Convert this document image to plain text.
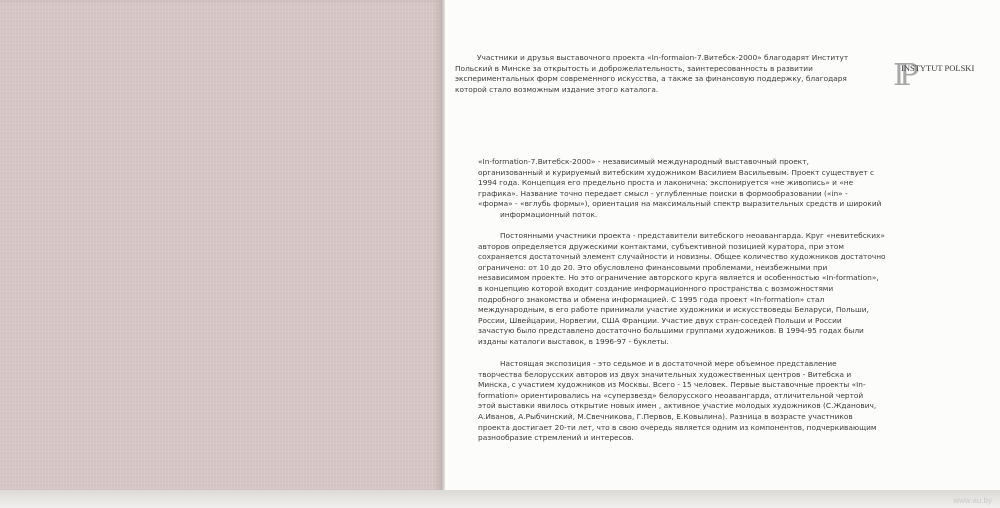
IP
INSTYTUT POLSKI
Участники и друзья выставочного проекта «In-formaion-7.Витебск-2000» благодарят Институт
Польский в Минске за открытость и доброжелательность, заинтересованность в развитии
экспериментальных форм современного искусства, а также за финансовую поддержку, благодаря
которой стало возможным издание этого каталога.
«In-formation-7.Витебск-2000» - независимый международный выставочный проект,
организованный и курируемый витебским художником Василием Васильевым. Проект существует с
1994 года. Концепция его предельно проста и лаконична: экспонируется «не живопись» и «не
графика». Название точно передает смысл - углубленные поиски в формообразовании («in» -
«форма» - «вглубь формы»), ориентация на максимальный спектр выразительных средств и широкий
информационный поток.
Постоянными участники проекта - представители витебского неоавангарда. Круг «невитебских»
авторов определяется дружескими контактами, субъективной позицией куратора, при этом
сохраняется достаточный элемент случайности и новизны. Общее количество художников достаточно
ограничено: от 10 до 20. Это обусловлено финансовыми проблемами, неизбежными при
независимом проекте. Но это ограничение авторского круга является и особенностью «In-formation»,
в концепцию которой входит создание информационного пространства с возможностями
подробного знакомства и обмена информацией. С 1995 года проект «In-formation» стал
международным, в его работе принимали участие художники и искусствоведы Беларуси, Польши,
России, Швейцарии, Норвегии, США Франции. Участие двух стран-соседей Польши и России
зачастую было представлено достаточно большими группами художников. В 1994-95 годах были
изданы каталоги выставок, в 1996-97 - буклеты.
Настоящая экспозиция - это седьмое и в достаточной мере объемное представление
творчества белорусских авторов из двух значительных художественных центров - Витебска и
Минска, с участием художников из Москвы. Всего - 15 человек. Первые выставочные проекты «In-
formation» ориентировались на «суперзвезд» белорусского неоавангарда, отличительной чертой
этой выставки явилось открытие новых имен , активное участие молодых художников (С.Жданович,
А.Иванов, А.Рыбчинский, М.Свечникова, Г.Первов, Е.Ковылина). Разница в возрасте участников
проекта достигает 20-ти лет, что в свою очередь является одним из компонентов, подчеркивающим
разнообразие стремлений и интересов.
www.au.by
